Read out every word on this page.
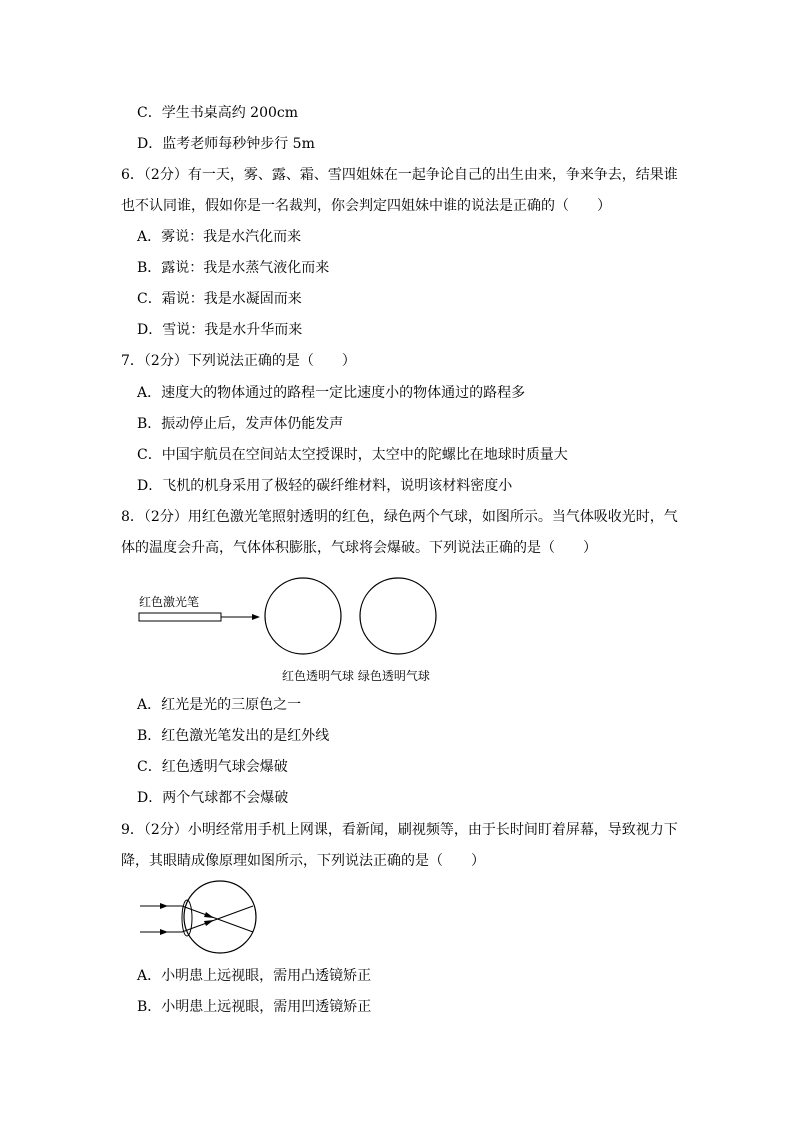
C．学生书桌高约 200cm
D．监考老师每秒钟步行 5m
6．（2分）有一天，雾、露、霜、雪四姐妹在一起争论自己的出生由来，争来争去，结果谁
也不认同谁，假如你是一名裁判，你会判定四姐妹中谁的说法是正确的（　　）
A．雾说：我是水汽化而来
B．露说：我是水蒸气液化而来
C．霜说：我是水凝固而来
D．雪说：我是水升华而来
7．（2分）下列说法正确的是（　　）
A．速度大的物体通过的路程一定比速度小的物体通过的路程多
B．振动停止后，发声体仍能发声
C．中国宇航员在空间站太空授课时，太空中的陀螺比在地球时质量大
D．飞机的机身采用了极轻的碳纤维材料，说明该材料密度小
8．（2分）用红色激光笔照射透明的红色，绿色两个气球，如图所示。当气体吸收光时，气
体的温度会升高，气体体积膨胀，气球将会爆破。下列说法正确的是（　　）
红色激光笔
红色透明气球 绿色透明气球
A．红光是光的三原色之一
B．红色激光笔发出的是红外线
C．红色透明气球会爆破
D．两个气球都不会爆破
9．（2分）小明经常用手机上网课，看新闻，刷视频等，由于长时间盯着屏幕，导致视力下
降，其眼睛成像原理如图所示，下列说法正确的是（　　）
A．小明患上远视眼，需用凸透镜矫正
B．小明患上远视眼，需用凹透镜矫正
